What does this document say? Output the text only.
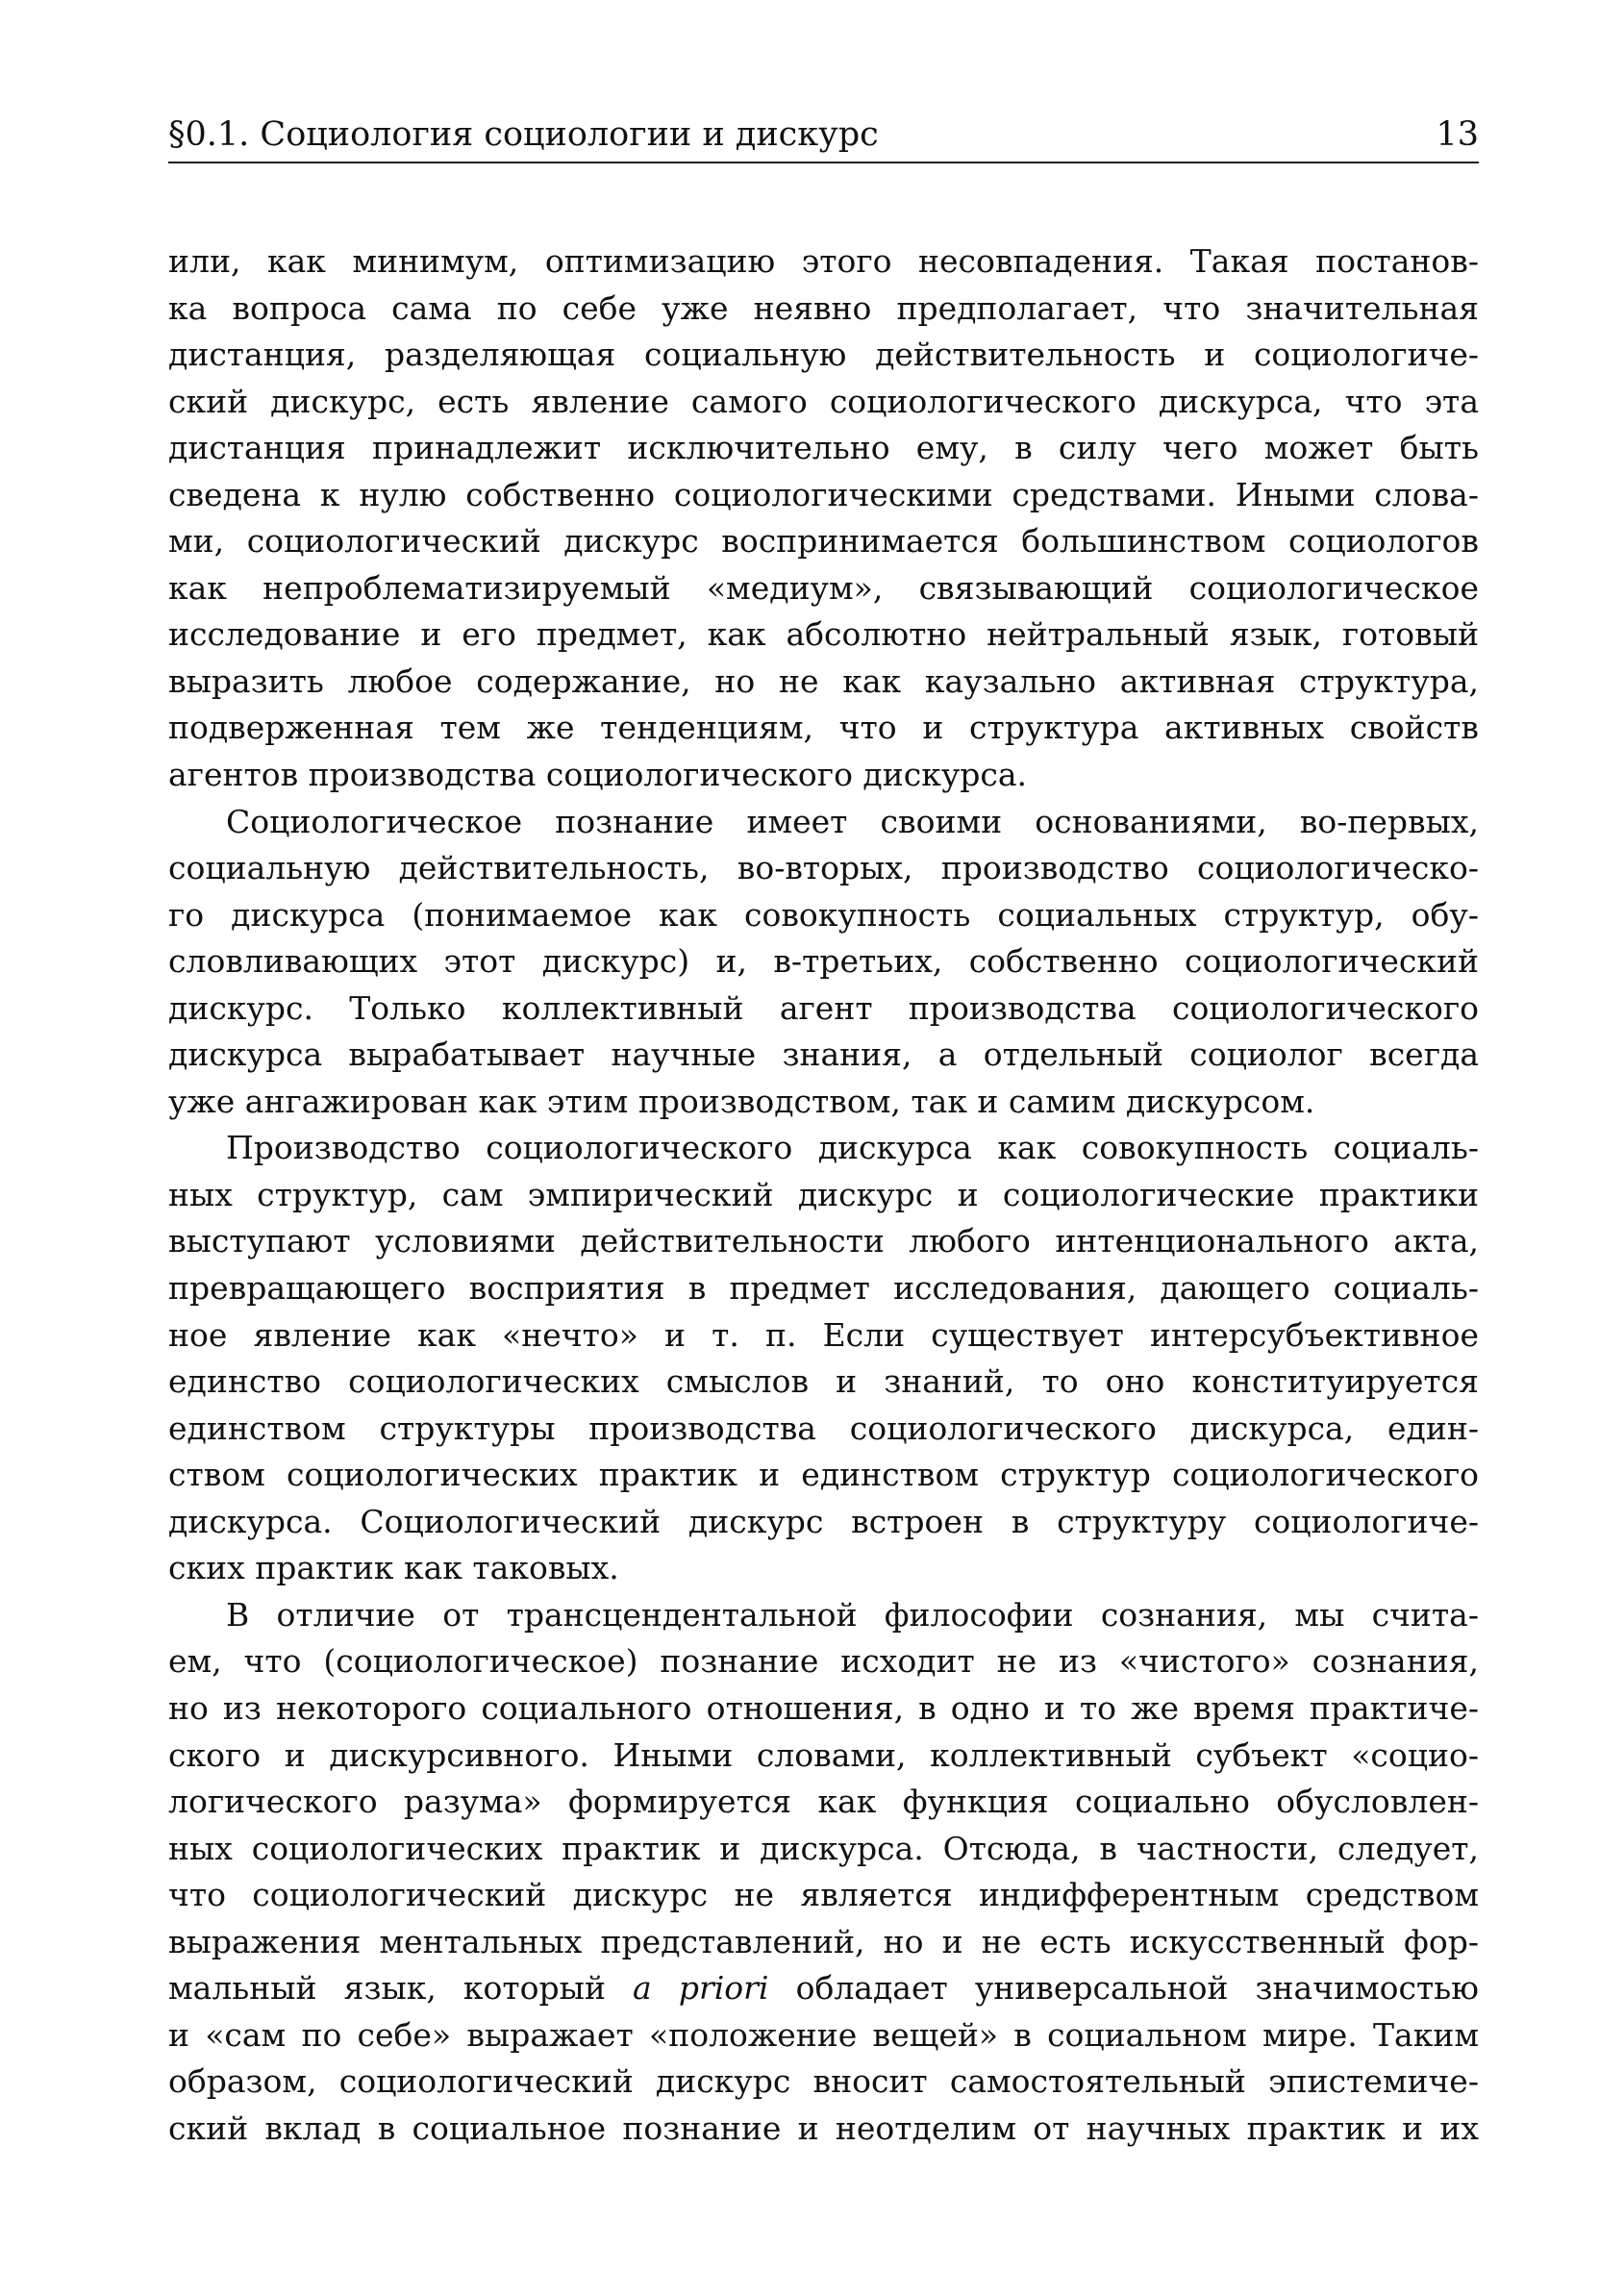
§0.1. Социология социологии и дискурс	13
или, как минимум, оптимизацию этого несовпадения. Такая постанов-
ка вопроса сама по себе уже неявно предполагает, что значительная
дистанция, разделяющая социальную действительность и социологиче-
ский дискурс, есть явление самого социологического дискурса, что эта
дистанция принадлежит исключительно ему, в силу чего может быть
сведена к нулю собственно социологическими средствами. Иными слова-
ми, социологический дискурс воспринимается большинством социологов
как непроблематизируемый «медиум», связывающий социологическое
исследование и его предмет, как абсолютно нейтральный язык, готовый
выразить любое содержание, но не как каузально активная структура,
подверженная тем же тенденциям, что и структура активных свойств
агентов производства социологического дискурса.
Социологическое познание имеет своими основаниями, во-первых,
социальную действительность, во-вторых, производство социологическо-
го дискурса (понимаемое как совокупность социальных структур, обу-
словливающих этот дискурс) и, в-третьих, собственно социологический
дискурс. Только коллективный агент производства социологического
дискурса вырабатывает научные знания, а отдельный социолог всегда
уже ангажирован как этим производством, так и самим дискурсом.
Производство социологического дискурса как совокупность социаль-
ных структур, сам эмпирический дискурс и социологические практики
выступают условиями действительности любого интенционального акта,
превращающего восприятия в предмет исследования, дающего социаль-
ное явление как «нечто» и т. п. Если существует интерсубъективное
единство социологических смыслов и знаний, то оно конституируется
единством структуры производства социологического дискурса, един-
ством социологических практик и единством структур социологического
дискурса. Социологический дискурс встроен в структуру социологиче-
ских практик как таковых.
В отличие от трансцендентальной философии сознания, мы счита-
ем, что (социологическое) познание исходит не из «чистого» сознания,
но из некоторого социального отношения, в одно и то же время практиче-
ского и дискурсивного. Иными словами, коллективный субъект «социо-
логического разума» формируется как функция социально обусловлен-
ных социологических практик и дискурса. Отсюда, в частности, следует,
что социологический дискурс не является индифферентным средством
выражения ментальных представлений, но и не есть искусственный фор-
мальный язык, который a priori обладает универсальной значимостью
и «сам по себе» выражает «положение вещей» в социальном мире. Таким
образом, социологический дискурс вносит самостоятельный эпистемиче-
ский вклад в социальное познание и неотделим от научных практик и их
